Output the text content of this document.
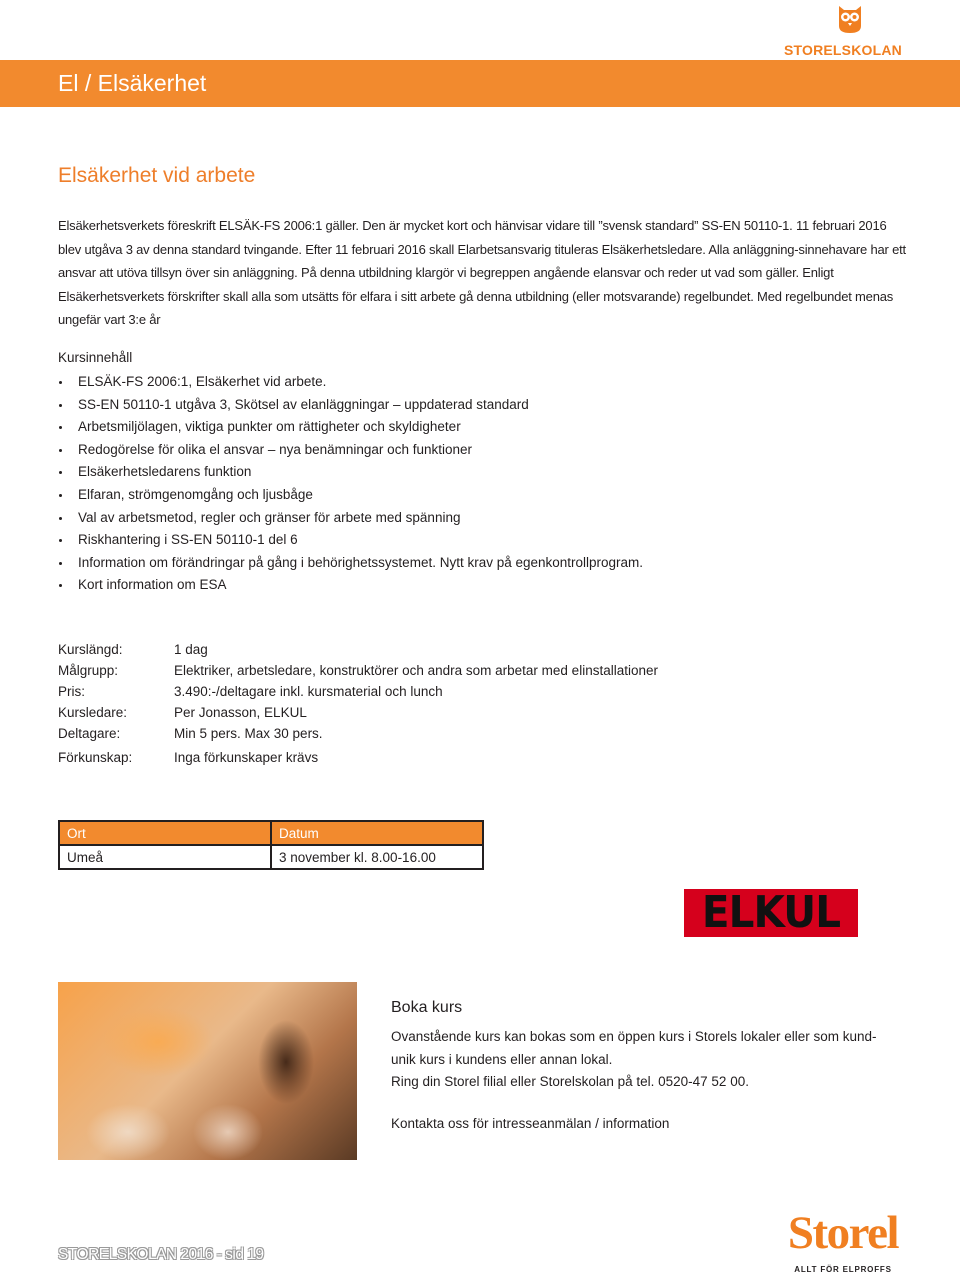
STORELSKOLAN
El / Elsäkerhet
Elsäkerhet vid arbete

Elsäkerhetsverkets föreskrift ELSÄK-FS 2006:1 gäller. Den är mycket kort och hänvisar vidare till ”svensk standard” SS-EN 50110-1. 11 februari 2016 blev utgåva 3 av denna standard tvingande. Efter 11 februari 2016 skall Elarbetsansvarig tituleras Elsäkerhetsledare. Alla anläggning-sinnehavare har ett ansvar att utöva tillsyn över sin anläggning. På denna utbildning klargör vi begreppen angående elansvar och reder ut vad som gäller. Enligt Elsäkerhetsverkets förskrifter skall alla som utsätts för elfara i sitt arbete gå denna utbildning (eller motsvarande) regelbundet. Med regelbundet menas ungefär vart 3:e år

Kursinnehåll
ELSÄK-FS 2006:1, Elsäkerhet vid arbete.
SS-EN 50110-1 utgåva 3, Skötsel av elanläggningar – uppdaterad standard
Arbetsmiljölagen, viktiga punkter om rättigheter och skyldigheter
Redogörelse för olika el ansvar – nya benämningar och funktioner
Elsäkerhetsledarens funktion
Elfaran, strömgenomgång och ljusbåge
Val av arbetsmetod, regler och gränser för arbete med spänning
Riskhantering i SS-EN 50110-1 del 6
Information om förändringar på gång i behörighetssystemet. Nytt krav på egenkontrollprogram.
Kort information om ESA
Kurslängd:	1 dag
Målgrupp:	Elektriker, arbetsledare, konstruktörer och andra som arbetar med elinstallationer
Pris:	3.490:-/deltagare inkl. kursmaterial och lunch
Kursledare:	Per Jonasson, ELKUL
Deltagare:	Min 5 pers. Max 30 pers.
Förkunskap:	Inga förkunskaper krävs
Ort	Datum
Umeå	3 november kl. 8.00-16.00
ELKUL
Boka kurs
Ovanstående kurs kan bokas som en öppen kurs i Storels lokaler eller som kund-unik kurs i kundens eller annan lokal.
Ring din Storel filial eller Storelskolan på tel. 0520-47 52 00.
Kontakta oss för intresseanmälan / information
STORELSKOLAN 2016 - sid 19	Storel
ALLT FÖR ELPROFFS
